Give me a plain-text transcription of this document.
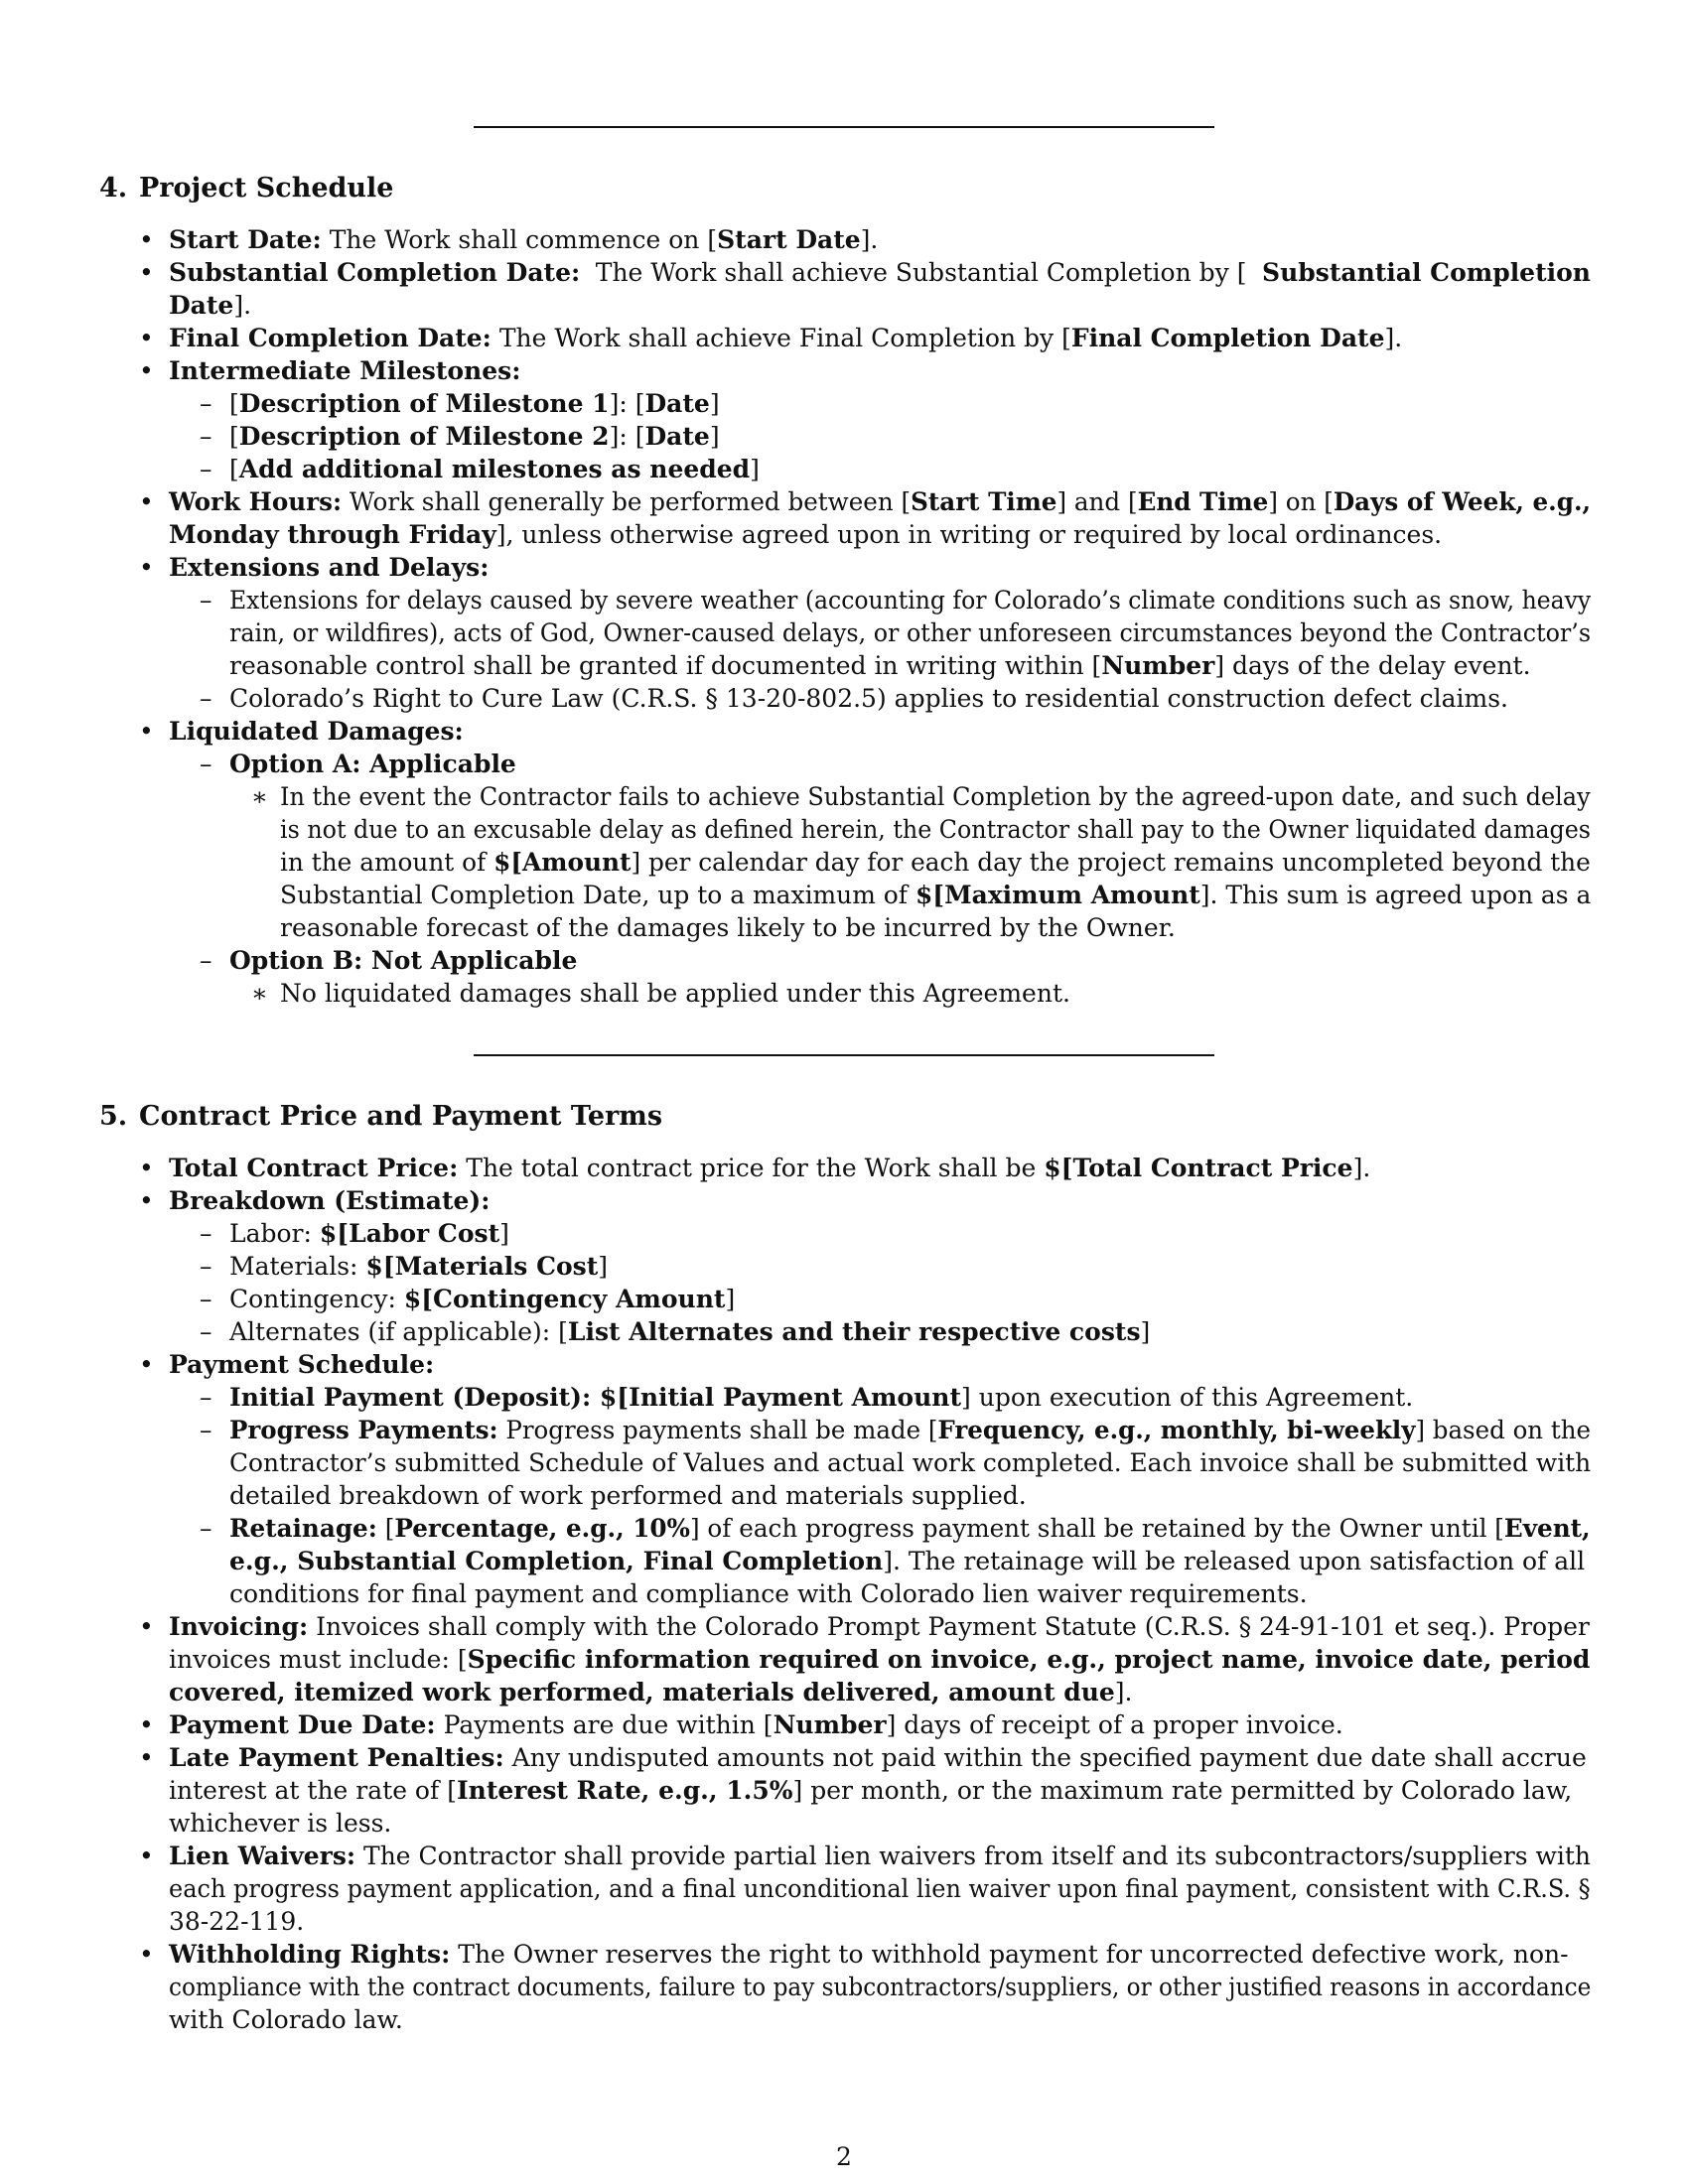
4. Project Schedule
• Start Date: The Work shall commence on [Start Date].
• Substantial Completion Date: The Work shall achieve Substantial Completion by [ Substantial Completion
Date].
• Final Completion Date: The Work shall achieve Final Completion by [Final Completion Date].
• Intermediate Milestones:
– [Description of Milestone 1]: [Date]
– [Description of Milestone 2]: [Date]
– [Add additional milestones as needed]
• Work Hours: Work shall generally be performed between [Start Time] and [End Time] on [Days of Week, e.g.,
Monday through Friday], unless otherwise agreed upon in writing or required by local ordinances.
• Extensions and Delays:
– Extensions for delays caused by severe weather (accounting for Colorado’s climate conditions such as snow, heavy
rain, or wildfires), acts of God, Owner-caused delays, or other unforeseen circumstances beyond the Contractor’s
reasonable control shall be granted if documented in writing within [Number] days of the delay event.
– Colorado’s Right to Cure Law (C.R.S. § 13-20-802.5) applies to residential construction defect claims.
• Liquidated Damages:
– Option A: Applicable
∗ In the event the Contractor fails to achieve Substantial Completion by the agreed-upon date, and such delay
is not due to an excusable delay as defined herein, the Contractor shall pay to the Owner liquidated damages
in the amount of $[Amount] per calendar day for each day the project remains uncompleted beyond the
Substantial Completion Date, up to a maximum of $[Maximum Amount]. This sum is agreed upon as a
reasonable forecast of the damages likely to be incurred by the Owner.
– Option B: Not Applicable
∗ No liquidated damages shall be applied under this Agreement.
5. Contract Price and Payment Terms
• Total Contract Price: The total contract price for the Work shall be $[Total Contract Price].
• Breakdown (Estimate):
– Labor: $[Labor Cost]
– Materials: $[Materials Cost]
– Contingency: $[Contingency Amount]
– Alternates (if applicable): [List Alternates and their respective costs]
• Payment Schedule:
– Initial Payment (Deposit): $[Initial Payment Amount] upon execution of this Agreement.
– Progress Payments: Progress payments shall be made [Frequency, e.g., monthly, bi-weekly] based on the
Contractor’s submitted Schedule of Values and actual work completed. Each invoice shall be submitted with
detailed breakdown of work performed and materials supplied.
– Retainage: [Percentage, e.g., 10%] of each progress payment shall be retained by the Owner until [Event,
e.g., Substantial Completion, Final Completion]. The retainage will be released upon satisfaction of all
conditions for final payment and compliance with Colorado lien waiver requirements.
• Invoicing: Invoices shall comply with the Colorado Prompt Payment Statute (C.R.S. § 24-91-101 et seq.). Proper
invoices must include: [Specific information required on invoice, e.g., project name, invoice date, period
covered, itemized work performed, materials delivered, amount due].
• Payment Due Date: Payments are due within [Number] days of receipt of a proper invoice.
• Late Payment Penalties: Any undisputed amounts not paid within the specified payment due date shall accrue
interest at the rate of [Interest Rate, e.g., 1.5%] per month, or the maximum rate permitted by Colorado law,
whichever is less.
• Lien Waivers: The Contractor shall provide partial lien waivers from itself and its subcontractors/suppliers with
each progress payment application, and a final unconditional lien waiver upon final payment, consistent with C.R.S. §
38-22-119.
• Withholding Rights: The Owner reserves the right to withhold payment for uncorrected defective work, non-
compliance with the contract documents, failure to pay subcontractors/suppliers, or other justified reasons in accordance
with Colorado law.
2
